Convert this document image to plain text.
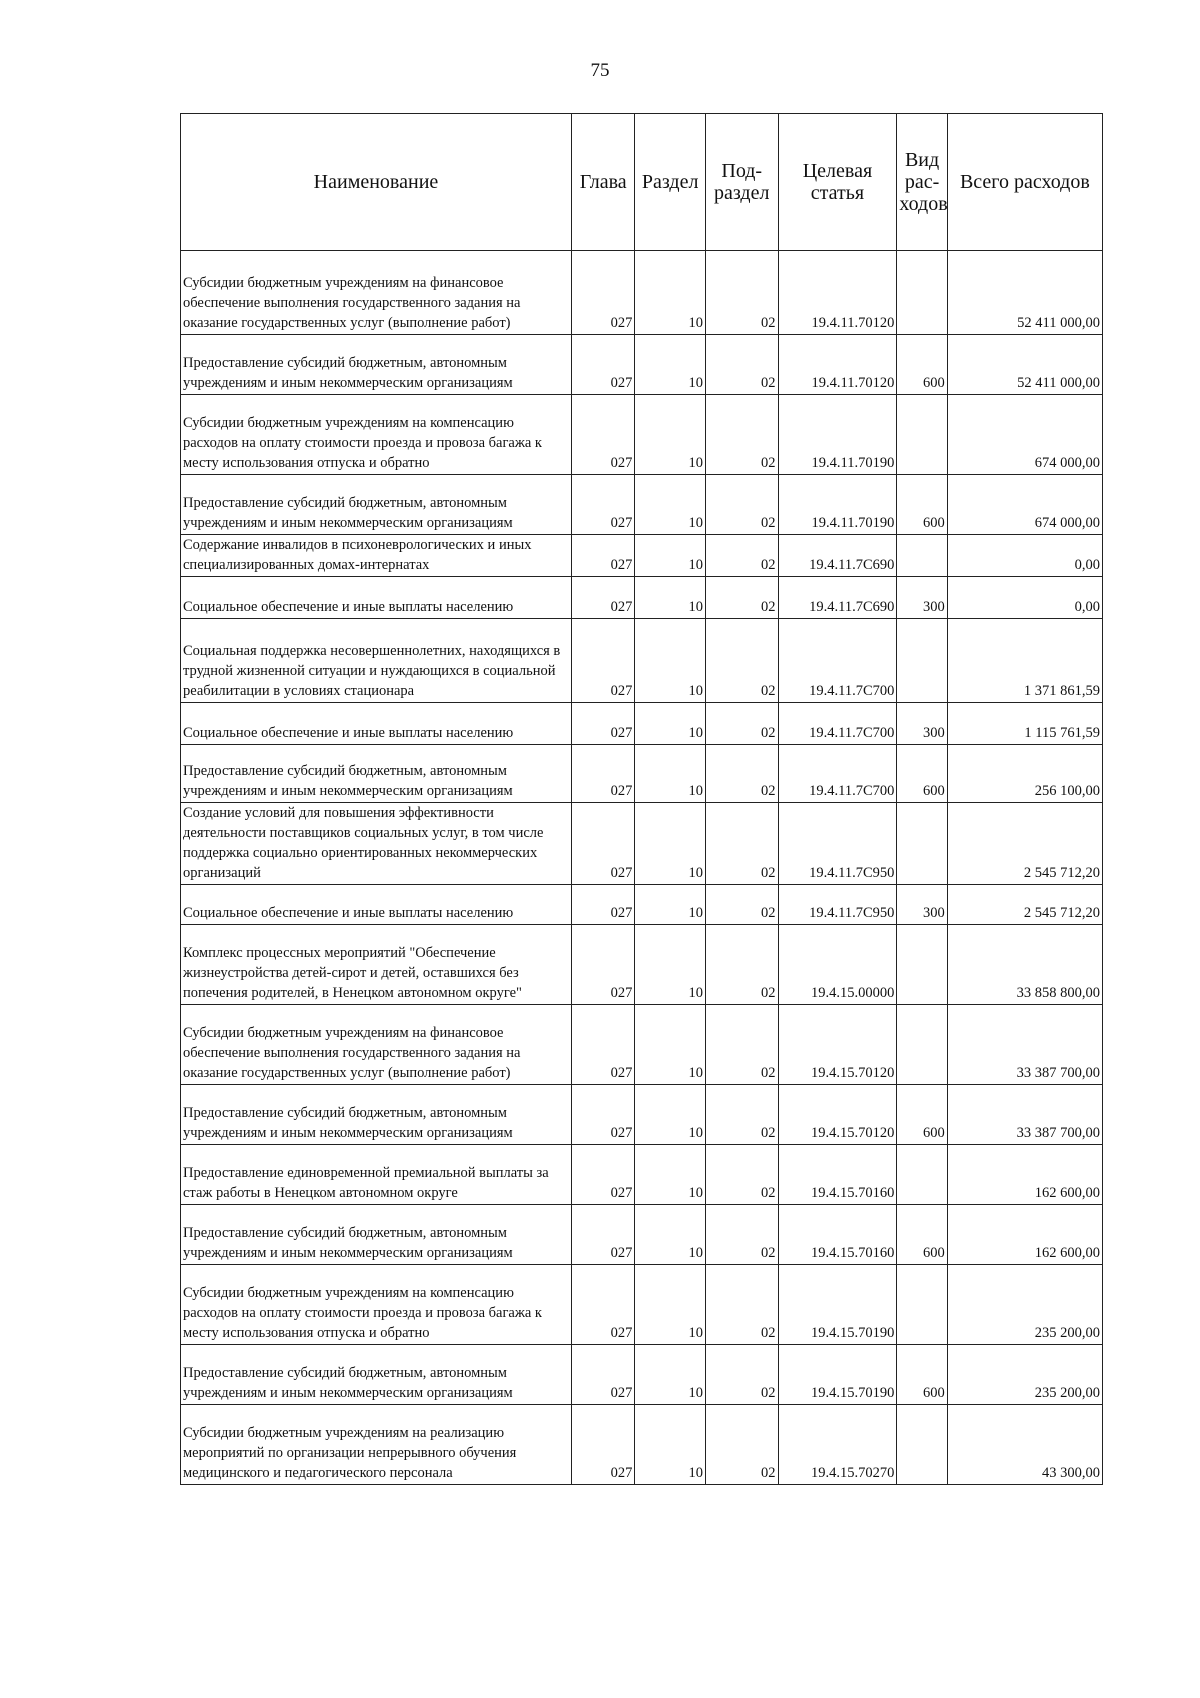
75
Наименование	Глава	Раздел	Под-раздел	Целевая статья	Вид рас-ходов	Всего расходов
Субсидии бюджетным учреждениям на финансовое обеспечение выполнения государственного задания на оказание государственных услуг (выполнение работ)	027	10	02	19.4.11.70120		52 411 000,00
Предоставление субсидий бюджетным, автономным учреждениям и иным некоммерческим организациям	027	10	02	19.4.11.70120	600	52 411 000,00
Субсидии бюджетным учреждениям на компенсацию расходов на оплату стоимости проезда и провоза багажа к месту использования отпуска и обратно	027	10	02	19.4.11.70190		674 000,00
Предоставление субсидий бюджетным, автономным учреждениям и иным некоммерческим организациям	027	10	02	19.4.11.70190	600	674 000,00
Содержание инвалидов в психоневрологических и иных специализированных домах-интернатах	027	10	02	19.4.11.7С690		0,00
Социальное обеспечение и иные выплаты населению	027	10	02	19.4.11.7С690	300	0,00
Социальная поддержка несовершеннолетних, находящихся в трудной жизненной ситуации и нуждающихся в социальной реабилитации в условиях стационара	027	10	02	19.4.11.7С700		1 371 861,59
Социальное обеспечение и иные выплаты населению	027	10	02	19.4.11.7С700	300	1 115 761,59
Предоставление субсидий бюджетным, автономным учреждениям и иным некоммерческим организациям	027	10	02	19.4.11.7С700	600	256 100,00
Создание условий для повышения эффективности деятельности поставщиков социальных услуг, в том числе поддержка социально ориентированных некоммерческих организаций	027	10	02	19.4.11.7С950		2 545 712,20
Социальное обеспечение и иные выплаты населению	027	10	02	19.4.11.7С950	300	2 545 712,20
Комплекс процессных мероприятий "Обеспечение жизнеустройства детей-сирот и детей, оставшихся без попечения родителей, в Ненецком автономном округе"	027	10	02	19.4.15.00000		33 858 800,00
Субсидии бюджетным учреждениям на финансовое обеспечение выполнения государственного задания на оказание государственных услуг (выполнение работ)	027	10	02	19.4.15.70120		33 387 700,00
Предоставление субсидий бюджетным, автономным учреждениям и иным некоммерческим организациям	027	10	02	19.4.15.70120	600	33 387 700,00
Предоставление единовременной премиальной выплаты за стаж работы в Ненецком автономном округе	027	10	02	19.4.15.70160		162 600,00
Предоставление субсидий бюджетным, автономным учреждениям и иным некоммерческим организациям	027	10	02	19.4.15.70160	600	162 600,00
Субсидии бюджетным учреждениям на компенсацию расходов на оплату стоимости проезда и провоза багажа к месту использования отпуска и обратно	027	10	02	19.4.15.70190		235 200,00
Предоставление субсидий бюджетным, автономным учреждениям и иным некоммерческим организациям	027	10	02	19.4.15.70190	600	235 200,00
Субсидии бюджетным учреждениям на реализацию мероприятий по организации непрерывного обучения медицинского и педагогического персонала	027	10	02	19.4.15.70270		43 300,00
